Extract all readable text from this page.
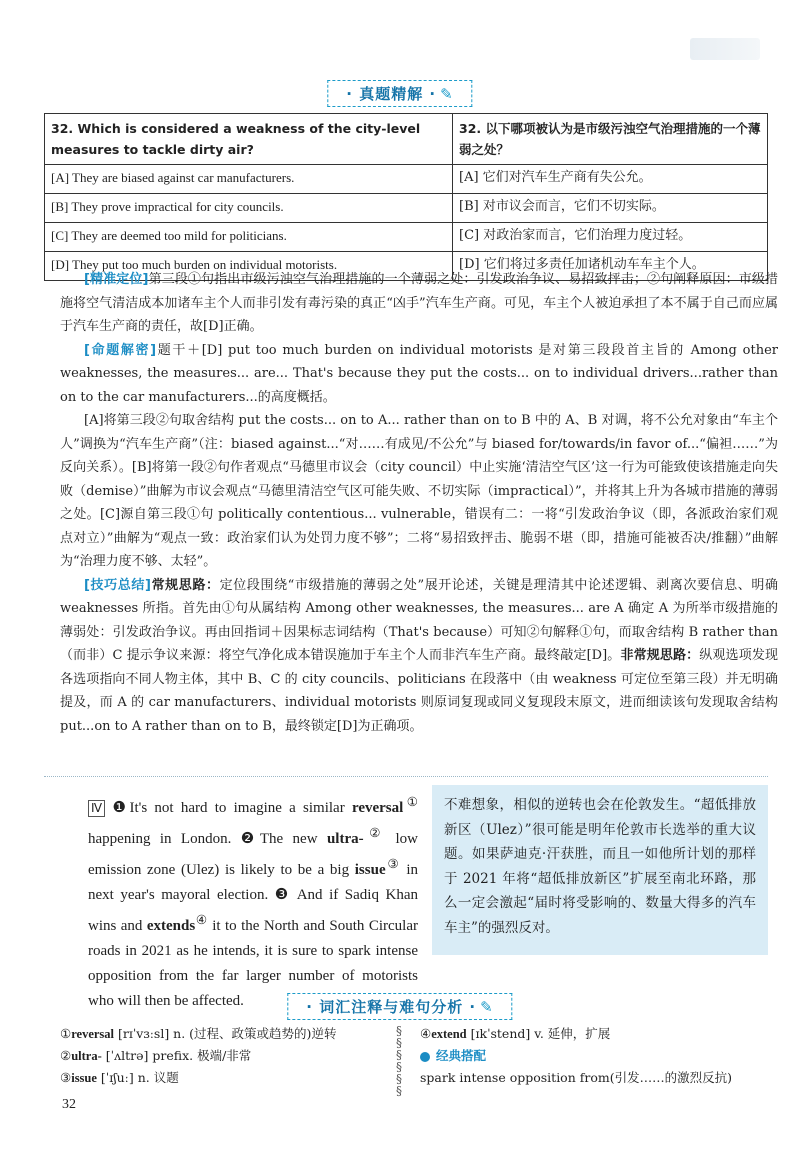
· 真题精解 · ✎
32. Which is considered a weakness of the city-level measures to tackle dirty air?	32. 以下哪项被认为是市级污浊空气治理措施的一个薄弱之处？
[A] They are biased against car manufacturers.	[A] 它们对汽车生产商有失公允。
[B] They prove impractical for city councils.	[B] 对市议会而言，它们不切实际。
[C] They are deemed too mild for politicians.	[C] 对政治家而言，它们治理力度过轻。
[D] They put too much burden on individual motorists.	[D] 它们将过多责任加诸机动车车主个人。

[精准定位]第三段①句指出市级污浊空气治理措施的一个薄弱之处：引发政治争议、易招致抨击；②句阐释原因：市级措施将空气清洁成本加诸车主个人而非引发有毒污染的真正“凶手”汽车生产商。可见，车主个人被迫承担了本不属于自己而应属于汽车生产商的责任，故[D]正确。

[命题解密]题干＋[D] put too much burden on individual motorists 是对第三段段首主旨的 Among other weaknesses, the measures... are... That's because they put the costs... on to individual drivers...rather than on to the car manufacturers...的高度概括。

[A]将第三段②句取舍结构 put the costs... on to A... rather than on to B 中的 A、B 对调，将不公允对象由“车主个人”调换为“汽车生产商”（注：biased against...“对……有成见/不公允”与 biased for/towards/in favor of...“偏袒……”为反向关系）。[B]将第一段②句作者观点“马德里市议会（city council）中止实施‘清洁空气区’这一行为可能致使该措施走向失败（demise）”曲解为市议会观点“马德里清洁空气区可能失败、不切实际（impractical）”，并将其上升为各城市措施的薄弱之处。[C]源自第三段①句 politically contentious... vulnerable，错误有二：一将“引发政治争议（即，各派政治家们观点对立）”曲解为“观点一致：政治家们认为处罚力度不够”；二将“易招致抨击、脆弱不堪（即，措施可能被否决/推翻）”曲解为“治理力度不够、太轻”。

[技巧总结]常规思路：定位段围绕“市级措施的薄弱之处”展开论述，关键是理清其中论述逻辑、剥离次要信息、明确 weaknesses 所指。首先由①句从属结构 Among other weaknesses, the measures... are A 确定 A 为所举市级措施的薄弱处：引发政治争议。再由回指词＋因果标志词结构（That's because）可知②句解释①句，而取舍结构 B rather than（而非）C 提示争议来源：将空气净化成本错误施加于车主个人而非汽车生产商。最终敲定[D]。非常规思路：纵观选项发现各选项指向不同人物主体，其中 B、C 的 city councils、politicians 在段落中（由 weakness 可定位至第三段）并无明确提及，而 A 的 car manufacturers、individual motorists 则原词复现或同义复现段末原文，进而细读该句发现取舍结构 put...on to A rather than on to B，最终锁定[D]为正确项。

Ⅳ ❶It's not hard to imagine a similar reversal① happening in London. ❷The new ultra-② low emission zone (Ulez) is likely to be a big issue③ in next year's mayoral election. ❸ And if Sadiq Khan wins and extends④ it to the North and South Circular roads in 2021 as he intends, it is sure to spark intense opposition from the far larger number of motorists who will then be affected.
不难想象，相似的逆转也会在伦敦发生。“超低排放新区（Ulez）”很可能是明年伦敦市长选举的重大议题。如果萨迪克·汗获胜，而且一如他所计划的那样于 2021 年将“超低排放新区”扩展至南北环路，那么一定会激起“届时将受影响的、数量大得多的汽车车主”的强烈反对。
· 词汇注释与难句分析 · ✎
①reversal [rɪˈvɜːsl] n. (过程、政策或趋势的)逆转
②ultra- [ˈʌltrə] prefix. 极端/非常
③issue [ˈɪʃuː] n. 议题
§
§
§
§
§
§
④extend [ɪkˈstend] v. 延伸，扩展
经典搭配
spark intense opposition from(引发……的激烈反抗)
32
